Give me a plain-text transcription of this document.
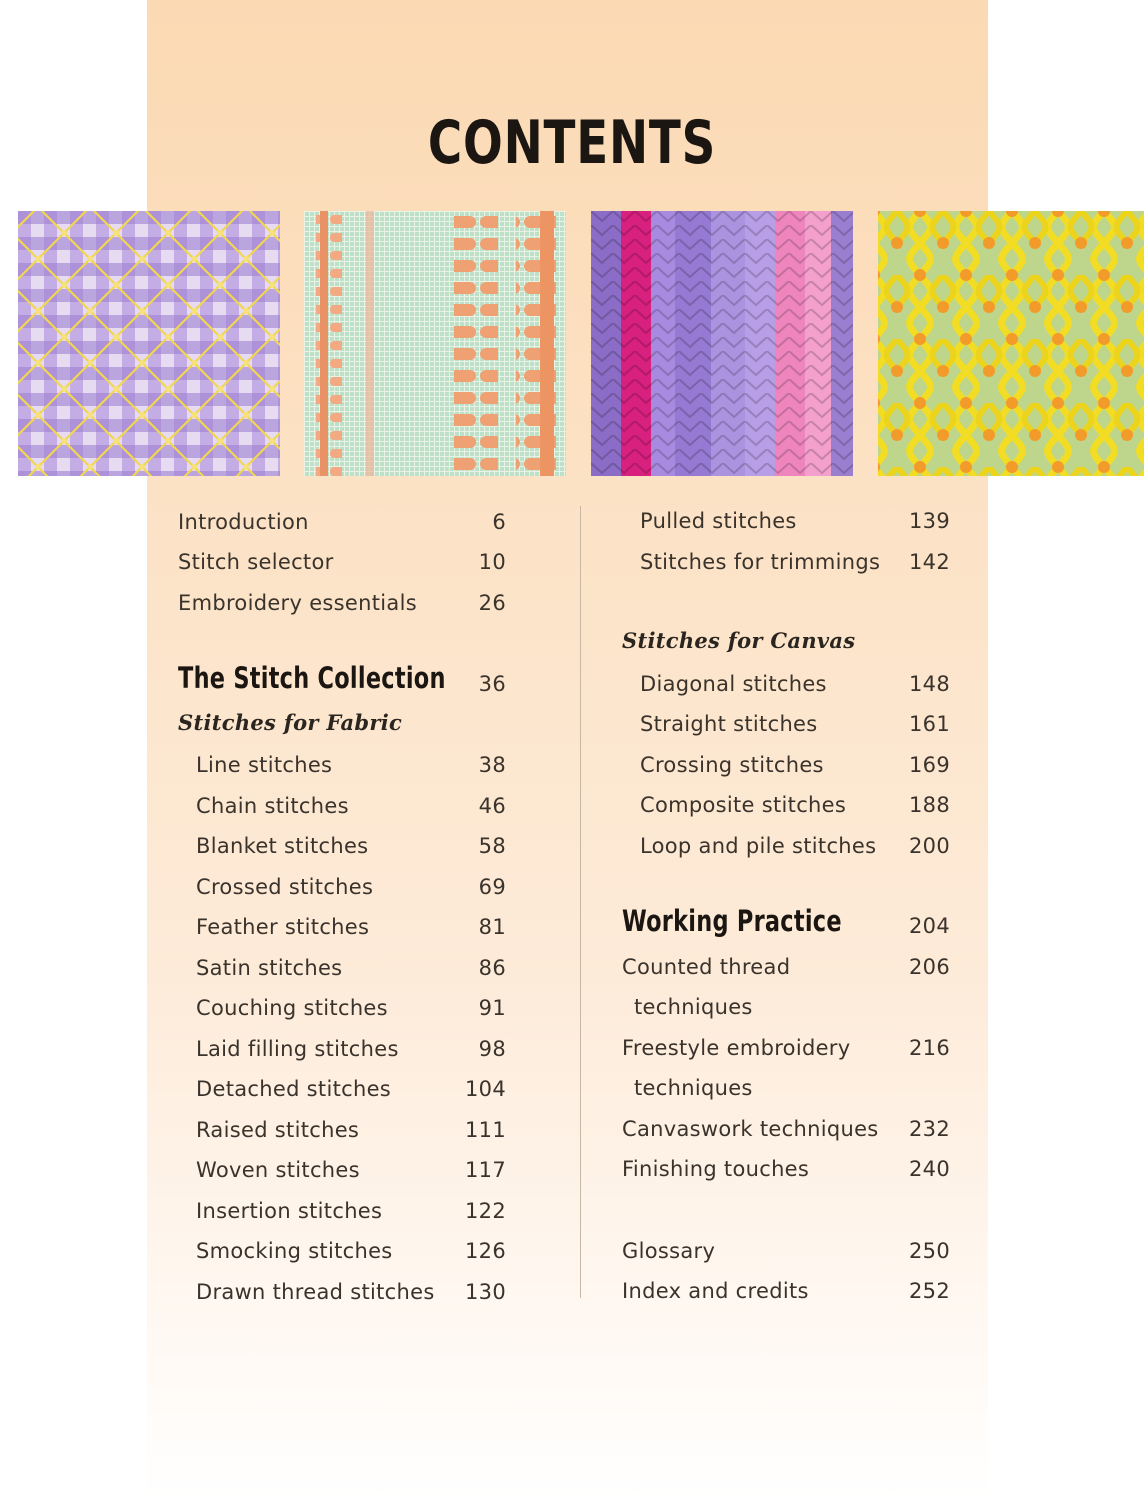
CONTENTS
Introduction	6
Stitch selector	10
Embroidery essentials	26
The Stitch Collection	36
Stitches for Fabric
Line stitches	38
Chain stitches	46
Blanket stitches	58
Crossed stitches	69
Feather stitches	81
Satin stitches	86
Couching stitches	91
Laid filling stitches	98
Detached stitches	104
Raised stitches	111
Woven stitches	117
Insertion stitches	122
Smocking stitches	126
Drawn thread stitches	130
Pulled stitches	139
Stitches for trimmings	142
Stitches for Canvas
Diagonal stitches	148
Straight stitches	161
Crossing stitches	169
Composite stitches	188
Loop and pile stitches	200
Working Practice	204
Counted thread	206
techniques
Freestyle embroidery	216
techniques
Canvaswork techniques	232
Finishing touches	240
Glossary	250
Index and credits	252
